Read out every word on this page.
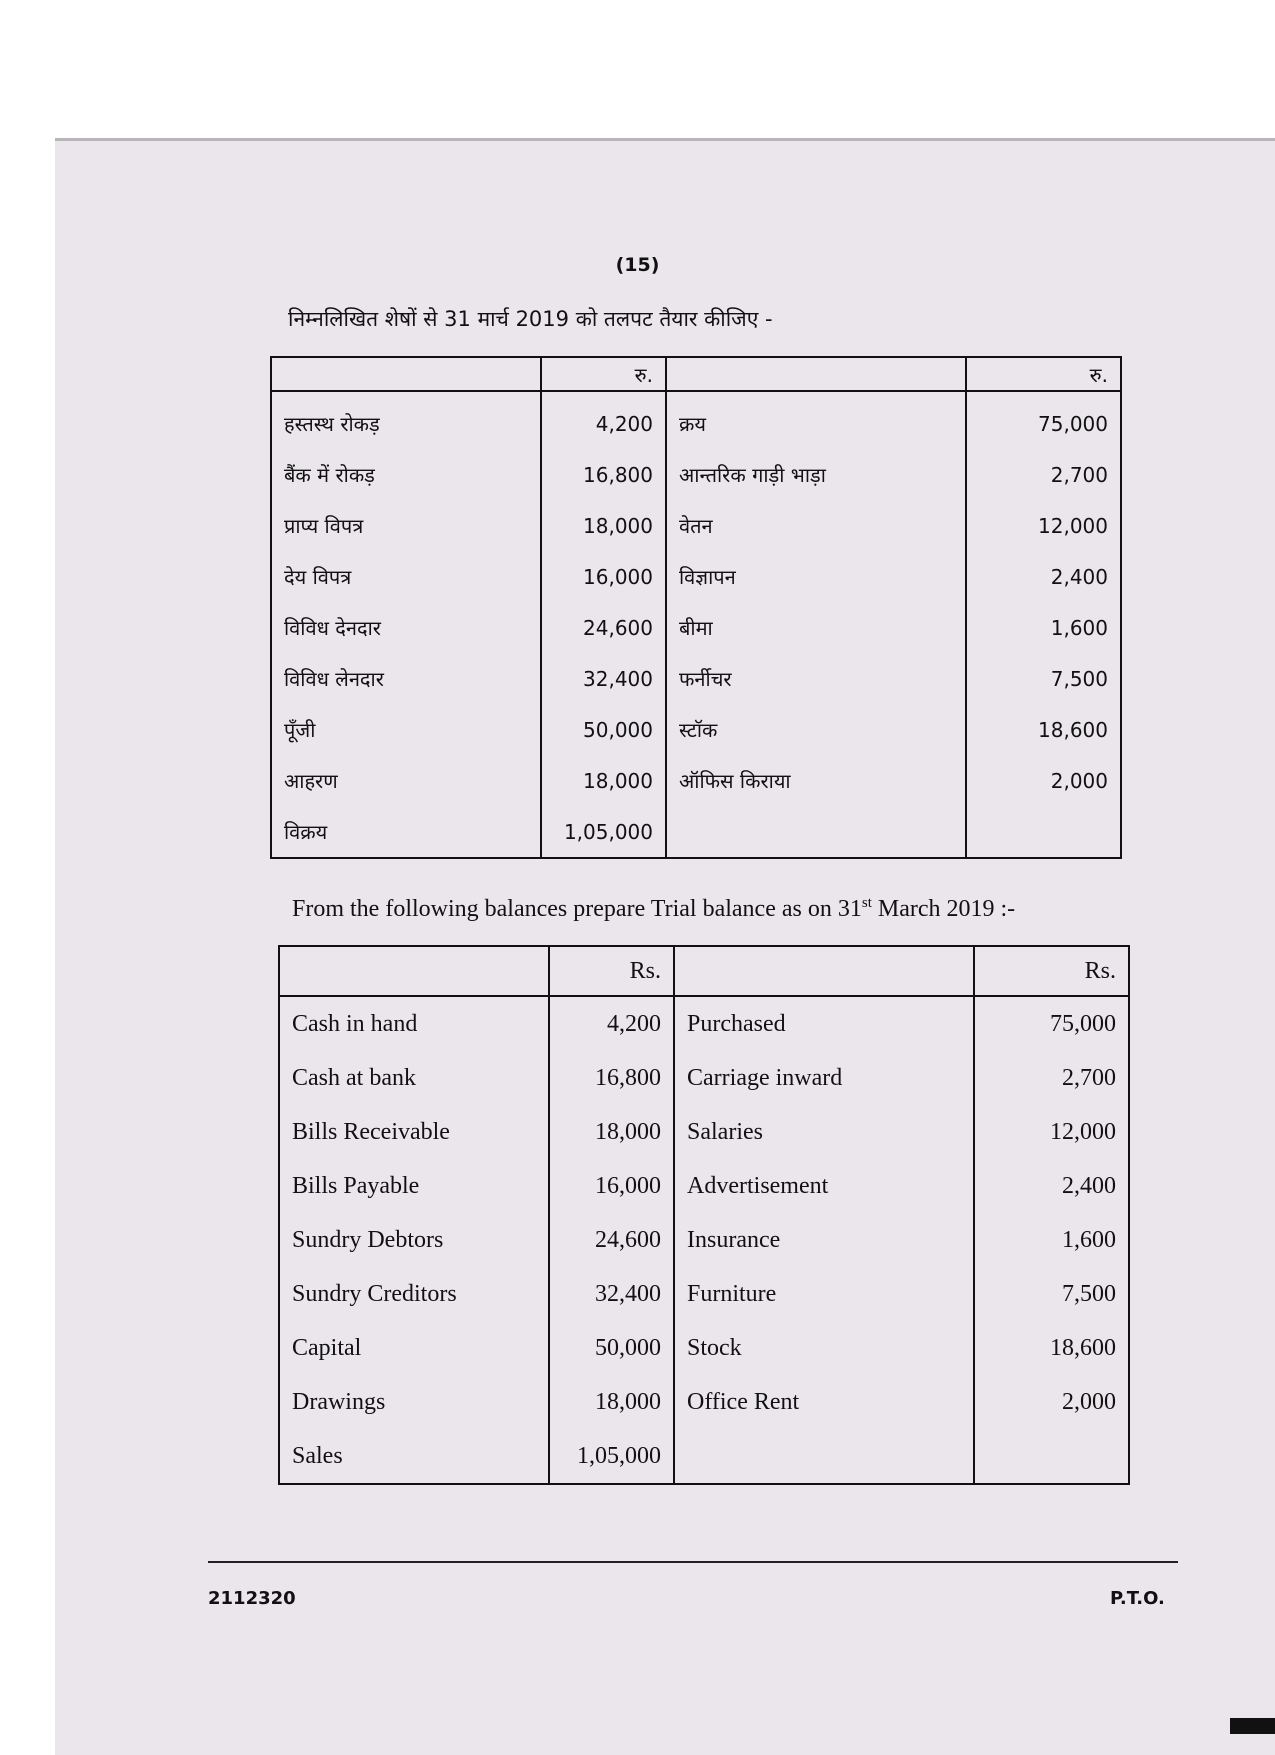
(15)
निम्नलिखित शेषों से 31 मार्च 2019 को तलपट तैयार कीजिए -
	रु.		रु.
हस्तस्थ रोकड़	4,200	क्रय	75,000
बैंक में रोकड़	16,800	आन्तरिक गाड़ी भाड़ा	2,700
प्राप्य विपत्र	18,000	वेतन	12,000
देय विपत्र	16,000	विज्ञापन	2,400
विविध देनदार	24,600	बीमा	1,600
विविध लेनदार	32,400	फर्नीचर	7,500
पूँजी	50,000	स्टॉक	18,600
आहरण	18,000	ऑफिस किराया	2,000
विक्रय	1,05,000		
From the following balances prepare Trial balance as on 31st March 2019 :-
	Rs.		Rs.
Cash in hand	4,200	Purchased	75,000
Cash at bank	16,800	Carriage inward	2,700
Bills Receivable	18,000	Salaries	12,000
Bills Payable	16,000	Advertisement	2,400
Sundry Debtors	24,600	Insurance	1,600
Sundry Creditors	32,400	Furniture	7,500
Capital	50,000	Stock	18,600
Drawings	18,000	Office Rent	2,000
Sales	1,05,000		
2112320	P.T.O.
